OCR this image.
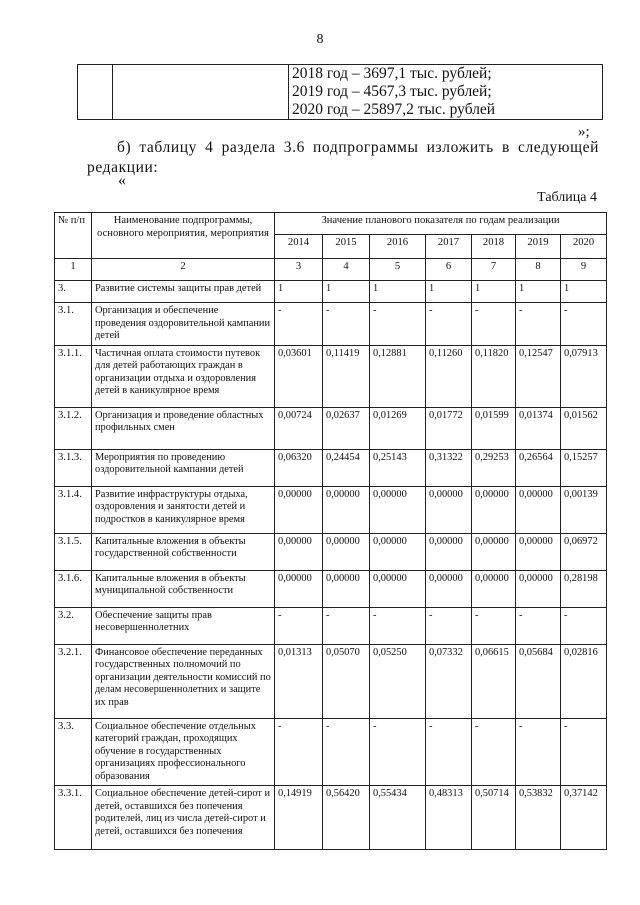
8

2018 год – 3697,1 тыс. рублей;
2019 год – 4567,3 тыс. рублей;
2020 год – 25897,2 тыс. рублей
»;
б) таблицу 4 раздела 3.6 подпрограммы изложить в следующей редакции:
«
Таблица 4
№ п/п	Наименование подпрограммы, основного мероприятия, мероприятия	Значение планового показателя по годам реализации						
		2014	2015	2016	2017	2018	2019	2020
1	2	3	4	5	6	7	8	9
3.	Развитие системы защиты прав детей	1	1	1	1	1	1	1
3.1.	Организация и обеспечение проведения оздоровительной кампании детей	-	-	-	-	-	-	-
3.1.1.	Частичная оплата стоимости путевок для детей работающих граждан в организации отдыха и оздоровления детей в каникулярное время	0,03601	0,11419	0,12881	0,11260	0,11820	0,12547	0,07913
3.1.2.	Организация и проведение областных профильных смен	0,00724	0,02637	0,01269	0,01772	0,01599	0,01374	0,01562
3.1.3.	Мероприятия по проведению оздоровительной кампании детей	0,06320	0,24454	0,25143	0,31322	0,29253	0,26564	0,15257
3.1.4.	Развитие инфраструктуры отдыха, оздоровления и занятости детей и подростков в каникулярное время	0,00000	0,00000	0,00000	0,00000	0,00000	0,00000	0,00139
3.1.5.	Капитальные вложения в объекты государственной собственности	0,00000	0,00000	0,00000	0,00000	0,00000	0,00000	0,06972
3.1.6.	Капитальные вложения в объекты муниципальной собственности	0,00000	0,00000	0,00000	0,00000	0,00000	0,00000	0,28198
3.2.	Обеспечение защиты прав несовершеннолетних	-	-	-	-	-	-	-
3.2.1.	Финансовое обеспечение переданных государственных полномочий по организации деятельности комиссий по делам несовершеннолетних и защите их прав	0,01313	0,05070	0,05250	0,07332	0,06615	0,05684	0,02816
3.3.	Социальное обеспечение отдельных категорий граждан, проходящих обучение в государственных организациях профессионального образования	-	-	-	-	-	-	-
3.3.1.	Социальное обеспечение детей-сирот и детей, оставшихся без попечения родителей, лиц из числа детей-сирот и детей, оставшихся без попечения	0,14919	0,56420	0,55434	0,48313	0,50714	0,53832	0,37142
